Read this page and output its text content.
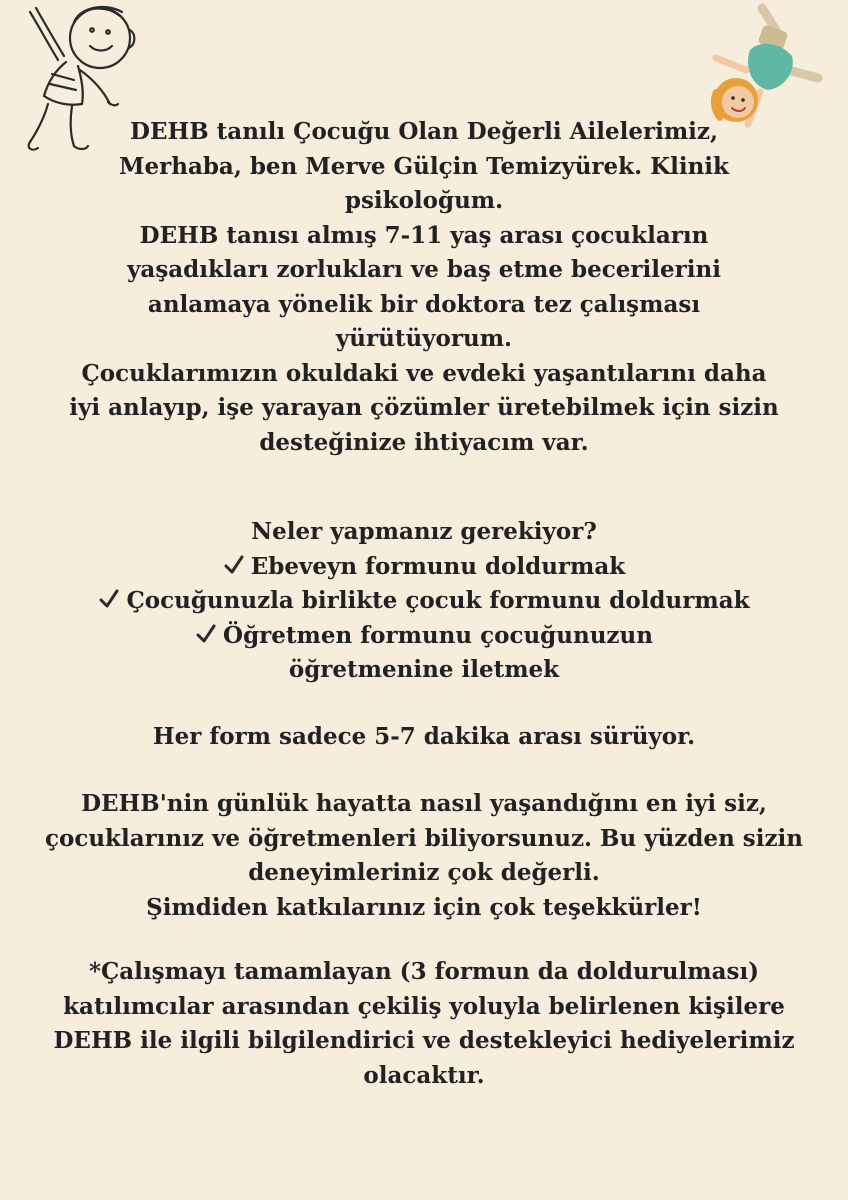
DEHB tanılı Çocuğu Olan Değerli Ailelerimiz,

Merhaba, ben Merve Gülçin Temizyürek. Klinik psikoloğum.

DEHB tanısı almış 7-11 yaş arası çocukların yaşadıkları zorlukları ve baş etme becerilerini anlamaya yönelik bir doktora tez çalışması yürütüyorum.

Çocuklarımızın okuldaki ve evdeki yaşantılarını daha iyi anlayıp, işe yarayan çözümler üretebilmek için sizin desteğinize ihtiyacım var.

Neler yapmanız gerekiyor?

Ebeveyn formunu doldurmak
Çocuğunuzla birlikte çocuk formunu doldurmak
Öğretmen formunu çocuğunuzun öğretmenine iletmek

Her form sadece 5-7 dakika arası sürüyor.

DEHB'nin günlük hayatta nasıl yaşandığını en iyi siz, çocuklarınız ve öğretmenleri biliyorsunuz. Bu yüzden sizin deneyimleriniz çok değerli.

Şimdiden katkılarınız için çok teşekkürler!

*Çalışmayı tamamlayan (3 formun da doldurulması) katılımcılar arasından çekiliş yoluyla belirlenen kişilere DEHB ile ilgili bilgilendirici ve destekleyici hediyelerimiz olacaktır.
